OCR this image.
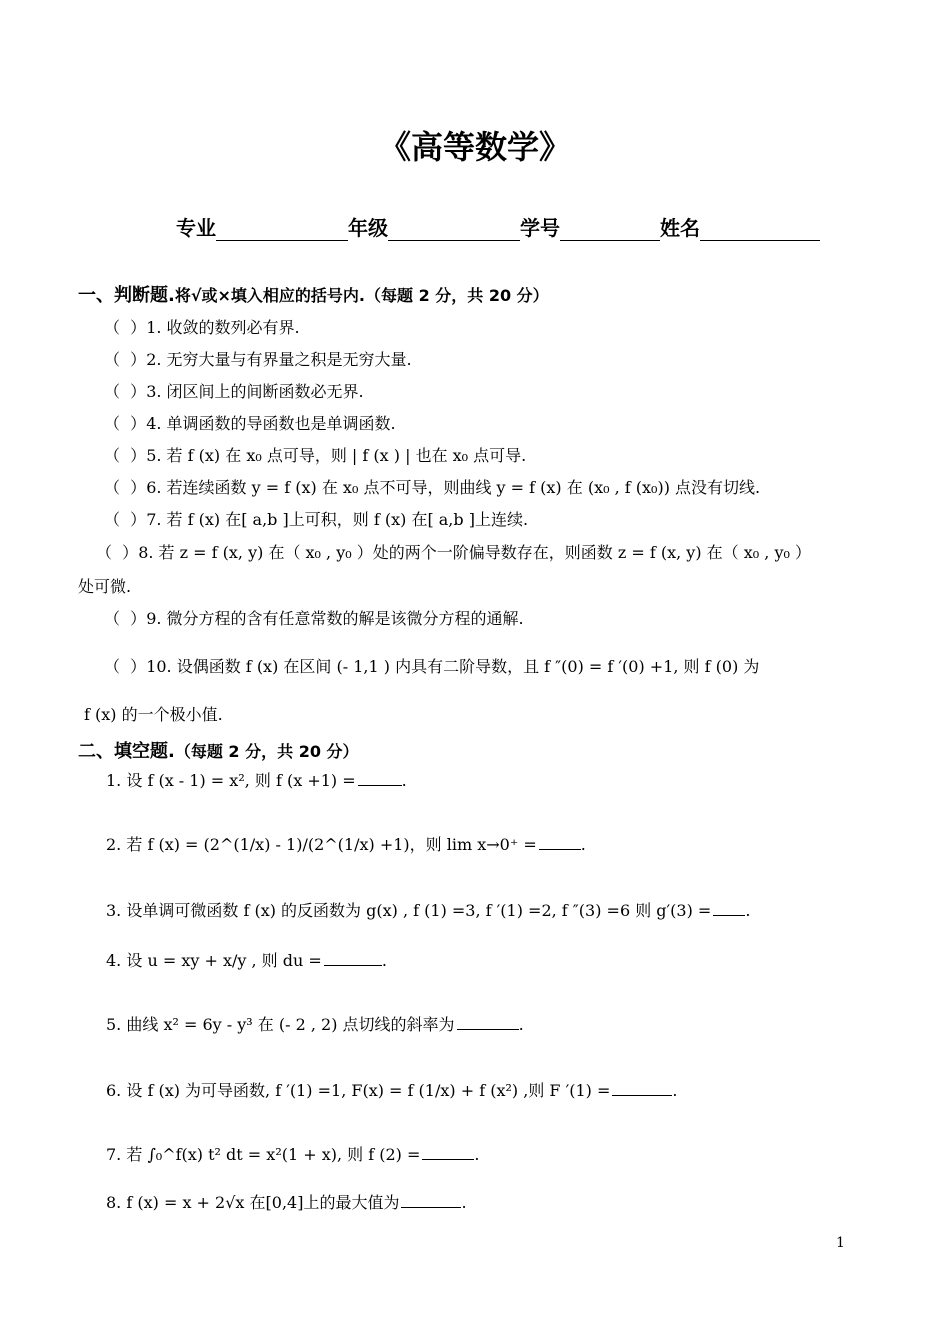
《高等数学》
专业	年级	学号	姓名
一、判断题.将√或×填入相应的括号内.（每题 2 分，共 20 分）
（  ）1. 收敛的数列必有界.
（  ）2. 无穷大量与有界量之积是无穷大量.
（  ）3. 闭区间上的间断函数必无界.
（  ）4. 单调函数的导函数也是单调函数.
（  ）5. 若 f (x) 在 x₀ 点可导，则 | f (x ) | 也在 x₀ 点可导.
（  ）6. 若连续函数 y = f (x) 在 x₀ 点不可导，则曲线 y = f (x) 在 (x₀ , f (x₀)) 点没有切线.
（  ）7. 若 f (x) 在[ a,b ]上可积，则 f (x) 在[ a,b ]上连续.
（  ）8. 若 z = f (x, y) 在（ x₀ , y₀ ）处的两个一阶偏导数存在，则函数 z = f (x, y) 在（ x₀ , y₀ ）
处可微.
（  ）9. 微分方程的含有任意常数的解是该微分方程的通解.
（  ）10. 设偶函数 f (x) 在区间 (- 1,1 ) 内具有二阶导数，且 f ″(0) = f ′(0) +1, 则 f (0) 为
f (x) 的一个极小值.
二、填空题.（每题 2 分，共 20 分）
1. 设 f (x - 1) = x², 则 f (x +1) =	.
2. 若 f (x) = (2^(1/x) - 1)/(2^(1/x) +1)，则 lim x→0⁺ =	.
3. 设单调可微函数 f (x) 的反函数为 g(x) , f (1) =3, f ′(1) =2, f ″(3) =6 则 g′(3) = .
4. 设 u = xy + x/y , 则 du =	.
5. 曲线 x² = 6y - y³ 在 (- 2 , 2) 点切线的斜率为	.
6. 设 f (x) 为可导函数, f ′(1) =1, F(x) = f (1/x) + f (x²) ,则 F ′(1) =	.
7. 若 ∫₀^f(x) t² dt = x²(1 + x), 则 f (2) =	.
8. f (x) = x + 2√x 在[0,4]上的最大值为	.
1
